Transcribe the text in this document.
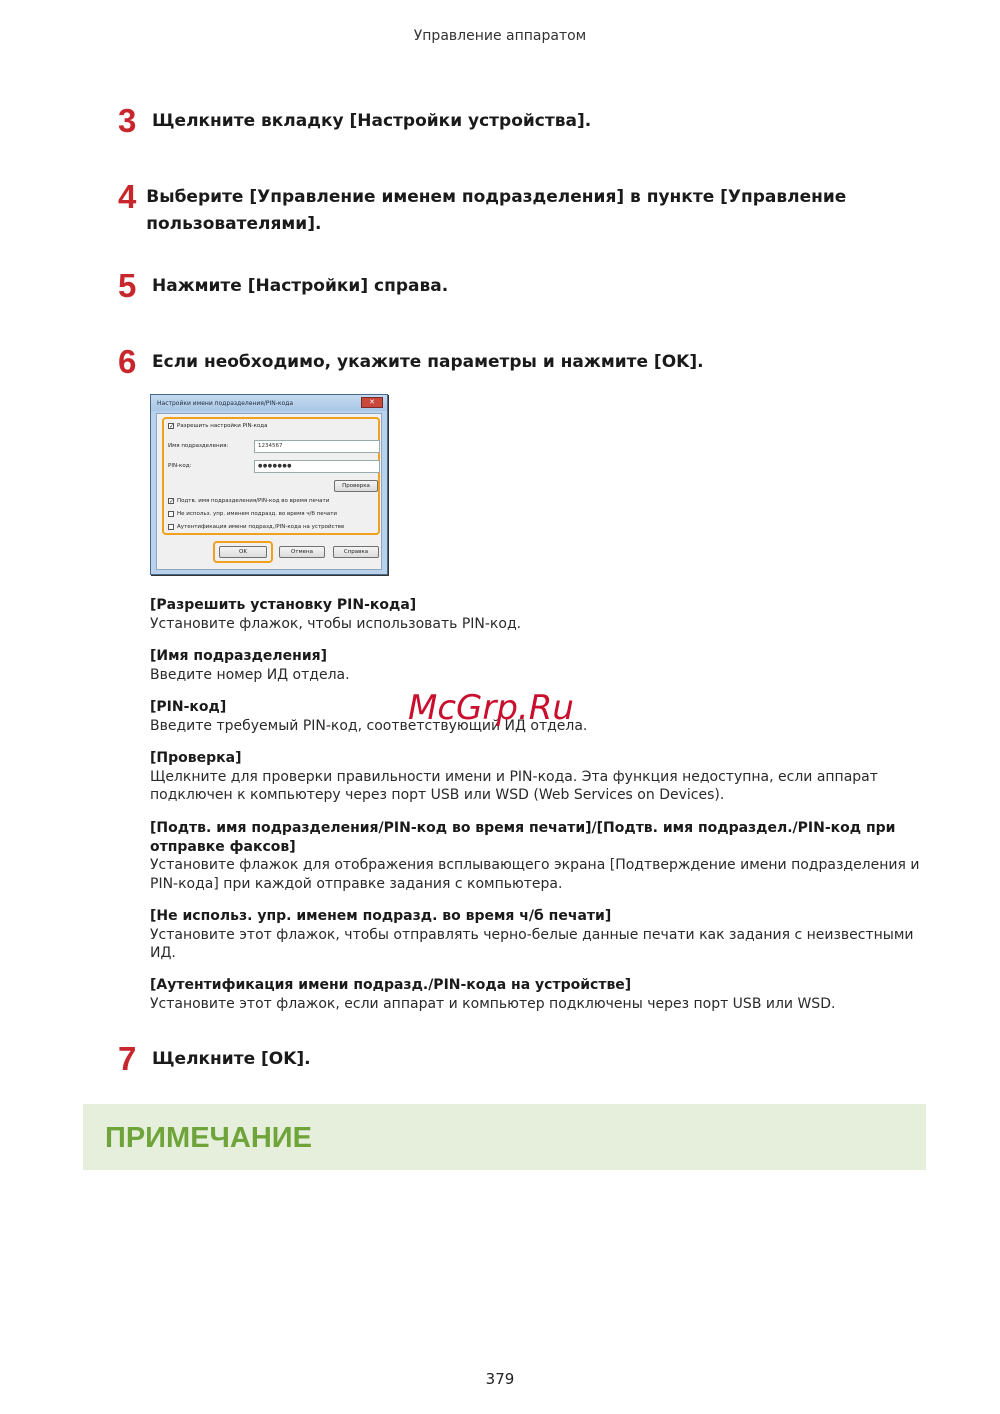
Управление аппаратом
3 Щелкните вкладку [Настройки устройства].
4 Выберите [Управление именем подразделения] в пункте [Управление пользователями].
5 Нажмите [Настройки] справа.
6 Если необходимо, укажите параметры и нажмите [OK].
Настройки имени подразделения/PIN-кода	✕
✓ Разрешить настройки PIN-кода
Имя подразделения:	1234567
PIN-код:	●●●●●●●
Проверка
✓ Подтв. имя подразделения/PIN-код во время печати
Не использ. упр. именем подразд. во время ч/б печати
Аутентификация имени подразд./PIN-кода на устройстве
OK	Отмена	Справка
[Разрешить установку PIN-кода]
Установите флажок, чтобы использовать PIN-код.
[Имя подразделения]
Введите номер ИД отдела.
[PIN-код]
Введите требуемый PIN-код, соответствующий ИД отдела.
[Проверка]
Щелкните для проверки правильности имени и PIN-кода. Эта функция недоступна, если аппарат подключен к компьютеру через порт USB или WSD (Web Services on Devices).
[Подтв. имя подразделения/PIN-код во время печати]/[Подтв. имя подраздел./PIN-код при отправке факсов]
Установите флажок для отображения всплывающего экрана [Подтверждение имени подразделения и PIN-кода] при каждой отправке задания с компьютера.
[Не использ. упр. именем подразд. во время ч/б печати]
Установите этот флажок, чтобы отправлять черно-белые данные печати как задания с неизвестными ИД.
[Аутентификация имени подразд./PIN-кода на устройстве]
Установите этот флажок, если аппарат и компьютер подключены через порт USB или WSD.
McGrp.Ru
7 Щелкните [OK].
ПРИМЕЧАНИЕ
379
